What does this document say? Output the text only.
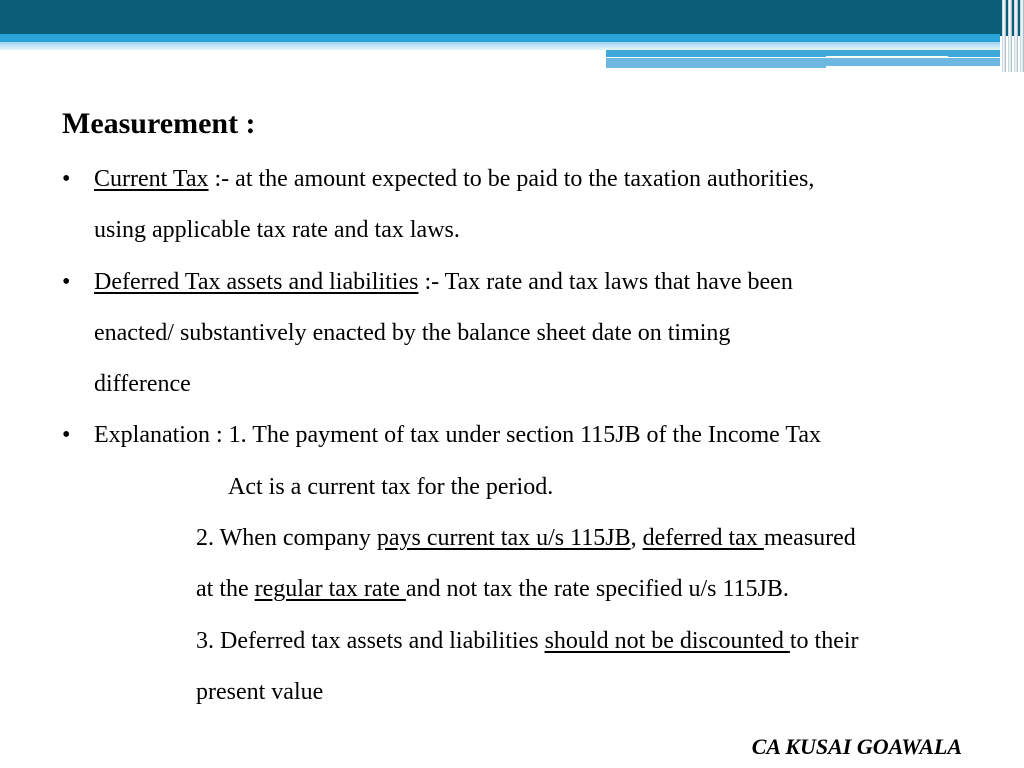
Measurement :
• Current Tax :- at the amount expected to be paid to the taxation authorities,
using applicable tax rate and tax laws.
• Deferred Tax assets and liabilities :- Tax rate and tax laws that have been
enacted/ substantively enacted by the balance sheet date on timing
difference
• Explanation : 1. The payment of tax under section 115JB of the Income Tax
Act is a current tax for the period.
2. When company pays current tax u/s 115JB, deferred tax measured
at the regular tax rate and not tax the rate specified u/s 115JB.
3. Deferred tax assets and liabilities should not be discounted to their
present value
CA KUSAI GOAWALA
